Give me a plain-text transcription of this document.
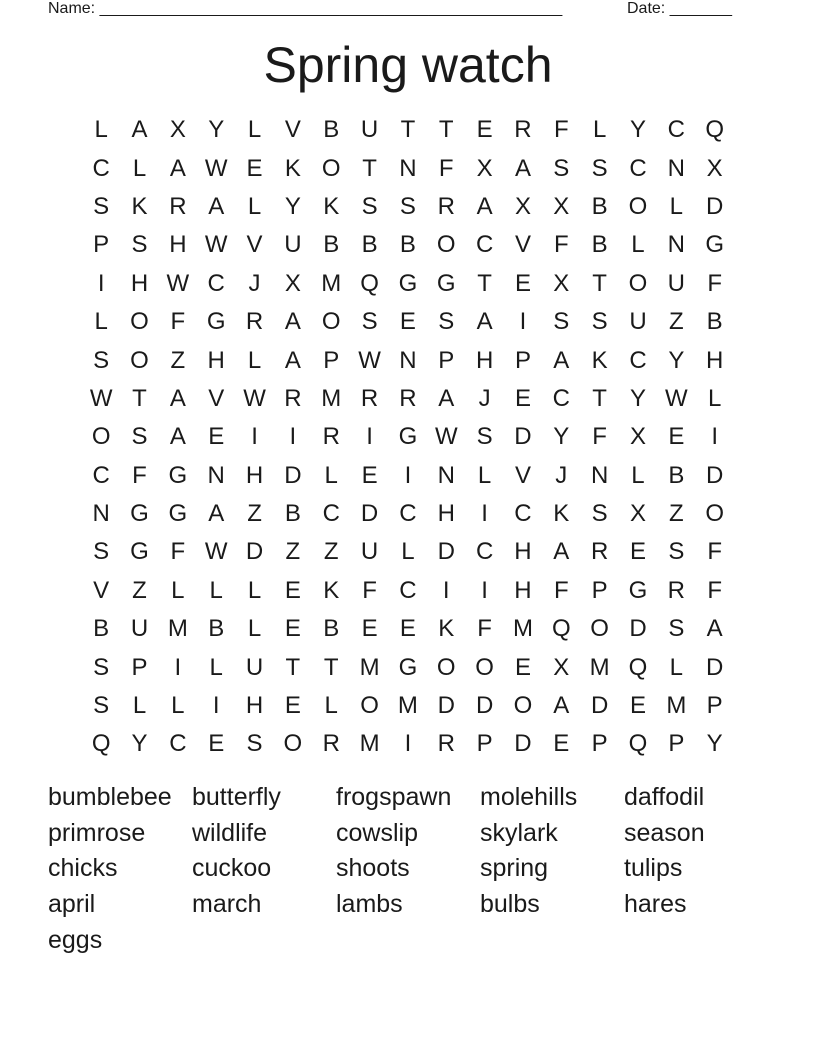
Name: ____________________________________________________	Date: _______
Spring watch
L A X Y L V B U T T E R F	L Y C Q
C L A W E K O T N F X A S S C N X
S K R A L Y K S S R A X X B O L D
P S H W V U B B B O C V F B L N G
I	H W C J	X M Q G G T E X T O U F
L O F G R A O S E S A	I	S S U Z B
S O Z H L A P W N P H P A K C Y H
W T A V W R M R R A	J	E C T Y W L
O S A E	I	I	R	I	G W S D Y F X E	I
C F G N H D L E	I	N L V	J N L B D
N G G A Z B C D C H	I	C K S X Z O
S G F W D Z Z U L D C H A R E S F
V Z	L	L	L E K F C	I	I	H F P G R F
B U M B L E B E E K F M Q O D S A
S P	I	L U T T M G O O E X M Q L D
S L	L	I	H E L O M D D O A D E M P
Q Y C E S O R M	I	R P D E P Q P Y
bumblebee butterfly	frogspawn	molehills	daffodil
primrose	wildlife	cowslip	skylark	season
chicks	cuckoo	shoots	spring	tulips
april	march	lambs	bulbs	hares
eggs
